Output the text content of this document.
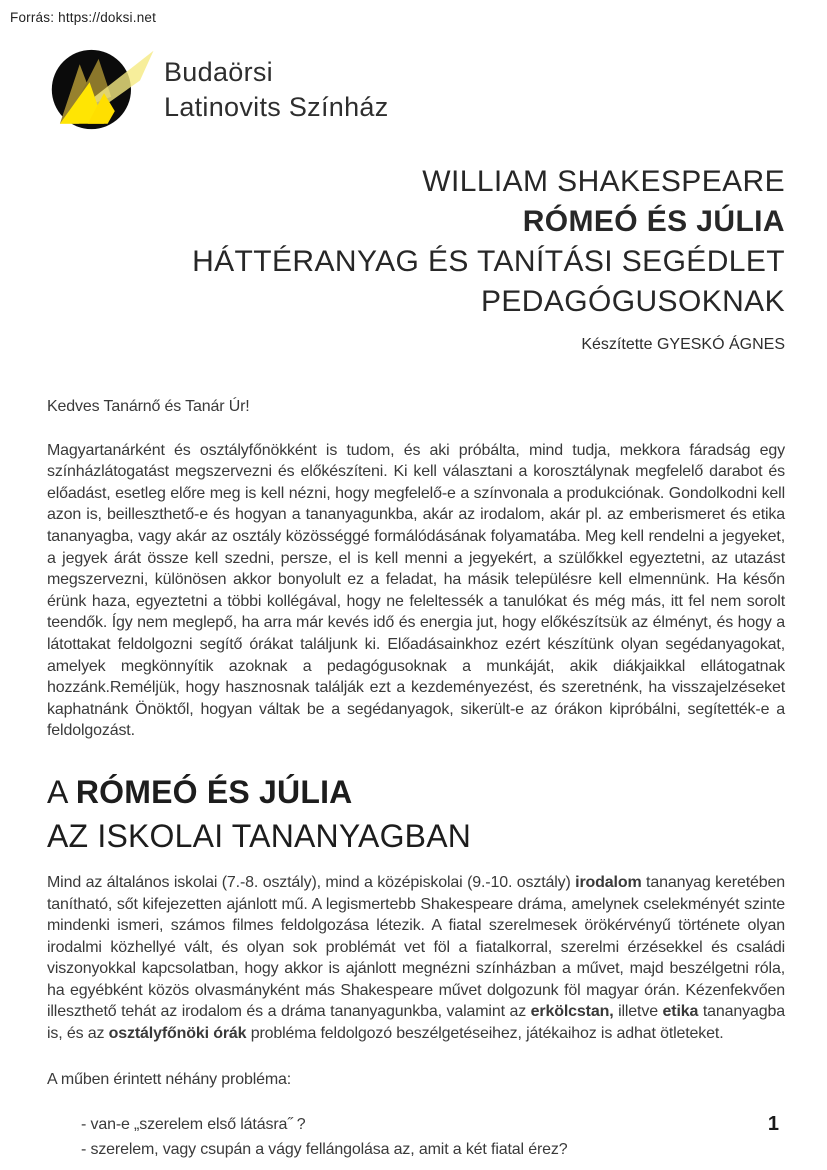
Forrás: https://doksi.net
Budaörsi
Latinovits Színház
WILLIAM SHAKESPEARE
RÓMEÓ ÉS JÚLIA
HÁTTÉRANYAG ÉS TANÍTÁSI SEGÉDLET
PEDAGÓGUSOKNAK
Készítette GYESKÓ ÁGNES
Kedves Tanárnő és Tanár Úr!

Magyartanárként és osztályfőnökként is tudom, és aki próbálta, mind tudja, mekkora fáradság egy színházlátogatást megszervezni és előkészíteni. Ki kell választani a korosztálynak megfelelő darabot és előadást, esetleg előre meg is kell nézni, hogy megfelelő-e a színvonala a produkciónak. Gondolkodni kell azon is, beilleszthető-e és hogyan a tananyagunkba, akár az irodalom, akár pl. az emberismeret és etika tananyagba, vagy akár az osztály közösséggé formálódásának folyamatába. Meg kell rendelni a jegyeket, a jegyek árát össze kell szedni, persze, el is kell menni a jegyekért, a szülőkkel egyeztetni, az utazást megszervezni, különösen akkor bonyolult ez a feladat, ha másik településre kell elmennünk. Ha későn érünk haza, egyeztetni a többi kollégával, hogy ne feleltessék a tanulókat és még más, itt fel nem sorolt teendők. Így nem meglepő, ha arra már kevés idő és energia jut, hogy előkészítsük az élményt, és hogy a látottakat feldolgozni segítő órákat találjunk ki. Előadásainkhoz ezért készítünk olyan segédanyagokat, amelyek megkönnyítik azoknak a pedagógusoknak a munkáját, akik diákjaikkal ellátogatnak hozzánk.Reméljük, hogy hasznosnak találják ezt a kezdeményezést, és szeretnénk, ha visszajelzéseket kaphatnánk Önöktől, hogyan váltak be a segédanyagok, sikerült-e az órákon kipróbálni, segítették-e a feldolgozást.

A RÓMEÓ ÉS JÚLIA
AZ ISKOLAI TANANYAGBAN

Mind az általános iskolai (7.-8. osztály), mind a középiskolai (9.-10. osztály) irodalom tananyag keretében tanítható, sőt kifejezetten ajánlott mű. A legismertebb Shakespeare dráma, amelynek cselekményét szinte mindenki ismeri, számos filmes feldolgozása létezik. A fiatal szerelmesek örökérvényű története olyan irodalmi közhellyé vált, és olyan sok problémát vet föl a fiatalkorral, szerelmi érzésekkel és családi viszonyokkal kapcsolatban, hogy akkor is ajánlott megnézni színházban a művet, majd beszélgetni róla, ha egyébként közös olvasmányként más Shakespeare művet dolgozunk föl magyar órán. Kézenfekvően illeszthető tehát az irodalom és a dráma tananyagunkba, valamint az erkölcstan, illetve etika tananyagba is, és az osztályfőnöki órák probléma feldolgozó beszélgetéseihez, játékaihoz is adhat ötleteket.

A műben érintett néhány probléma:
- van-e „szerelem első látásra˝ ?
- szerelem, vagy csupán a vágy fellángolása az, amit a két fiatal érez?
1
